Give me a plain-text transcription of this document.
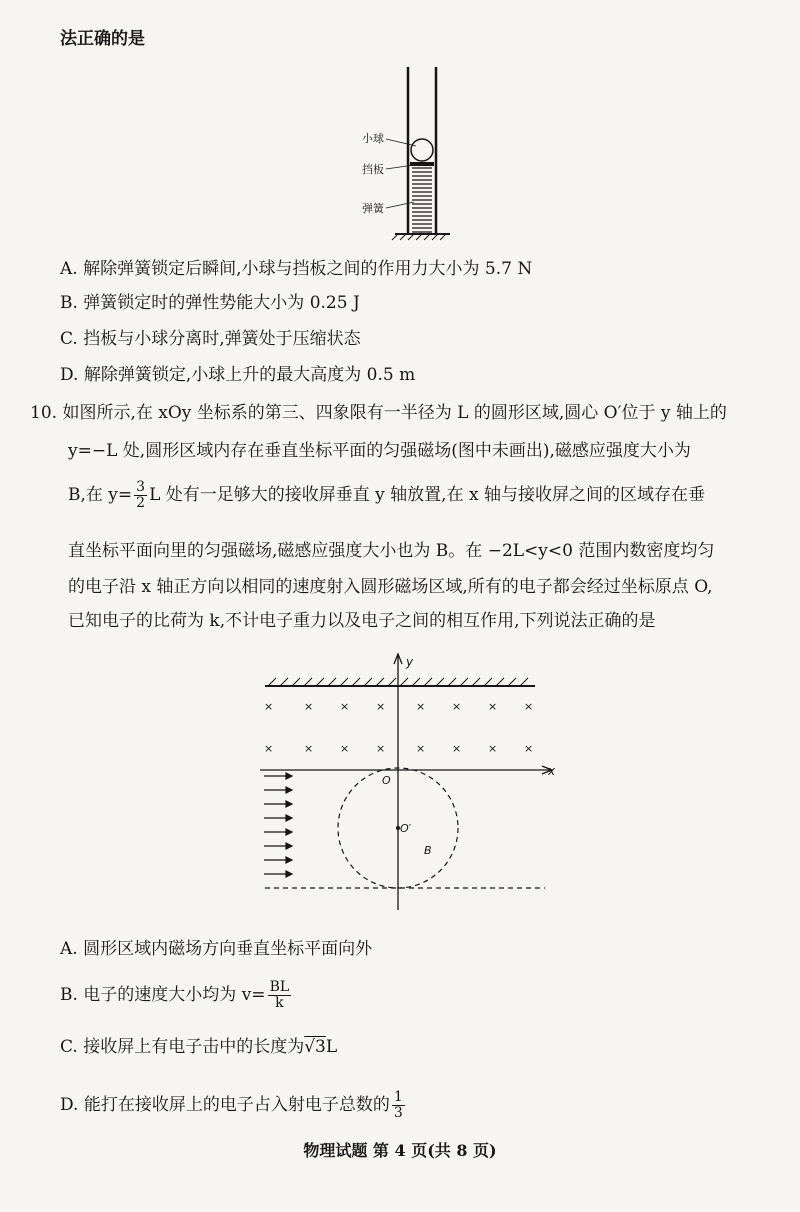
法正确的是
小球
挡板
弹簧
A. 解除弹簧锁定后瞬间,小球与挡板之间的作用力大小为 5.7 N
B. 弹簧锁定时的弹性势能大小为 0.25 J
C. 挡板与小球分离时,弹簧处于压缩状态
D. 解除弹簧锁定,小球上升的最大高度为 0.5 m
10. 如图所示,在 xOy 坐标系的第三、四象限有一半径为 L 的圆形区域,圆心 O′位于 y 轴上的
y=−L 处,圆形区域内存在垂直坐标平面的匀强磁场(图中未画出),磁感应强度大小为
B,在 $y= \frac{3}{2}$ L 处有一足够大的接收屏垂直 y 轴放置,在 x 轴与接收屏之间的区域存在垂
直坐标平面向里的匀强磁场,磁感应强度大小也为 B。在 −2L<y<0 范围内数密度均匀
的电子沿 x 轴正方向以相同的速度射入圆形磁场区域,所有的电子都会经过坐标原点 O,
已知电子的比荷为 k,不计电子重力以及电子之间的相互作用,下列说法正确的是
y
x
×	× × ×	× × × ×
×	× × ×	× × × ×
O
O′
B
A. 圆形区域内磁场方向垂直坐标平面向外
B. 电子的速度大小均为 $v= \frac{BL}{k}$
C. 接收屏上有电子击中的长度为√3L
D. 能打在接收屏上的电子占入射电子总数的 $\frac{1}{3}$
物理试题 第 4 页(共 8 页)
